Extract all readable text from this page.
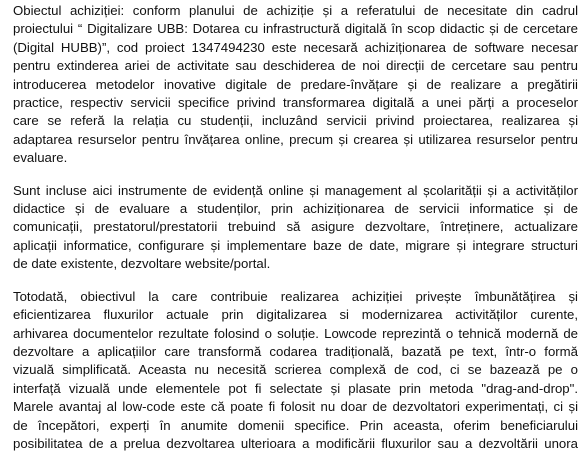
Obiectul achiziției: conform planului de achiziție și a referatului de necesitate din cadrul
proiectului “ Digitalizare UBB: Dotarea cu infrastructură digitală în scop didactic și de cercetare
(Digital HUBB)”, cod proiect 1347494230 este necesară achiziționarea de software necesar
pentru extinderea ariei de activitate sau deschiderea de noi direcții de cercetare sau pentru
introducerea metodelor inovative digitale de predare-învățare și de realizare a pregătirii
practice, respectiv servicii specifice privind transformarea digitală a unei părți a proceselor
care se referă la relația cu studenții, incluzând servicii privind proiectarea, realizarea și
adaptarea resurselor pentru învățarea online, precum și crearea și utilizarea resurselor pentru
evaluare.
Sunt incluse aici instrumente de evidență online și management al școlarității și a activităților
didactice și de evaluare a studenților, prin achiziționarea de servicii informatice și de
comunicații, prestatorul/prestatorii trebuind să asigure dezvoltare, întreținere, actualizare
aplicații informatice, configurare și implementare baze de date, migrare și integrare structuri
de date existente, dezvoltare website/portal.
Totodată, obiectivul la care contribuie realizarea achiziției privește îmbunătățirea și
eficientizarea fluxurilor actuale prin digitalizarea si modernizarea activităților curente,
arhivarea documentelor rezultate folosind o soluție. Lowcode reprezintă o tehnică modernă de
dezvoltare a aplicațiilor care transformă codarea tradițională, bazată pe text, într-o formă
vizuală simplificată. Aceasta nu necesită scrierea complexă de cod, ci se bazează pe o
interfață vizuală unde elementele pot fi selectate și plasate prin metoda "drag-and-drop".
Marele avantaj al low-code este că poate fi folosit nu doar de dezvoltatori experimentați, ci și
de începători, experți în anumite domenii specifice. Prin aceasta, oferim beneficiarului
posibilitatea de a prelua dezvoltarea ulterioara a modificării fluxurilor sau a dezvoltării unora
